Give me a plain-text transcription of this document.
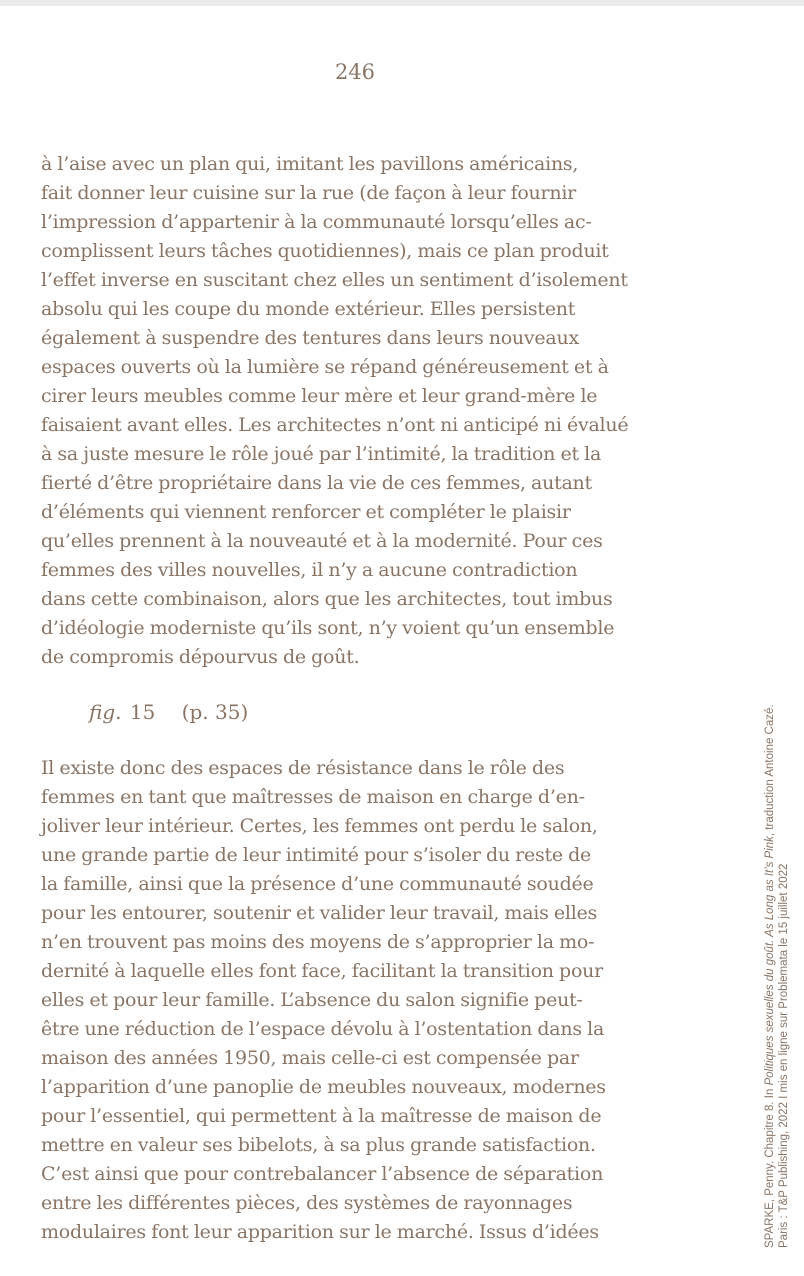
246

à l’aise avec un plan qui, imitant les pavillons américains,
fait donner leur cuisine sur la rue (de façon à leur fournir
l’impression d’appartenir à la communauté lorsqu’elles ac-
complissent leurs tâches quotidiennes), mais ce plan produit
l’effet inverse en suscitant chez elles un sentiment d’isolement
absolu qui les coupe du monde extérieur. Elles persistent
également à suspendre des tentures dans leurs nouveaux
espaces ouverts où la lumière se répand généreusement et à
cirer leurs meubles comme leur mère et leur grand-mère le
faisaient avant elles. Les architectes n’ont ni anticipé ni évalué
à sa juste mesure le rôle joué par l’intimité, la tradition et la
fierté d’être propriétaire dans la vie de ces femmes, autant
d’éléments qui viennent renforcer et compléter le plaisir
qu’elles prennent à la nouveauté et à la modernité. Pour ces
femmes des villes nouvelles, il n’y a aucune contradiction
dans cette combinaison, alors que les architectes, tout imbus
d’idéologie moderniste qu’ils sont, n’y voient qu’un ensemble
de compromis dépourvus de goût.

fig. 15 (p. 35)

Il existe donc des espaces de résistance dans le rôle des
femmes en tant que maîtresses de maison en charge d’en-
joliver leur intérieur. Certes, les femmes ont perdu le salon,
une grande partie de leur intimité pour s’isoler du reste de
la famille, ainsi que la présence d’une communauté soudée
pour les entourer, soutenir et valider leur travail, mais elles
n’en trouvent pas moins des moyens de s’approprier la mo-
dernité à laquelle elles font face, facilitant la transition pour
elles et pour leur famille. L’absence du salon signifie peut-
être une réduction de l’espace dévolu à l’ostentation dans la
maison des années 1950, mais celle-ci est compensée par
l’apparition d’une panoplie de meubles nouveaux, modernes
pour l’essentiel, qui permettent à la maîtresse de maison de
mettre en valeur ses bibelots, à sa plus grande satisfaction.
C’est ainsi que pour contrebalancer l’absence de séparation
entre les différentes pièces, des systèmes de rayonnages
modulaires font leur apparition sur le marché. Issus d’idées	SPARKE, Penny. Chapitre 8. In Politiques sexuelles du goût. As Long as It’s Pink, traduction Antoine Cazé.
Paris : T&P Publishing, 2022 I mis en ligne sur Problemata le 15 juillet 2022
